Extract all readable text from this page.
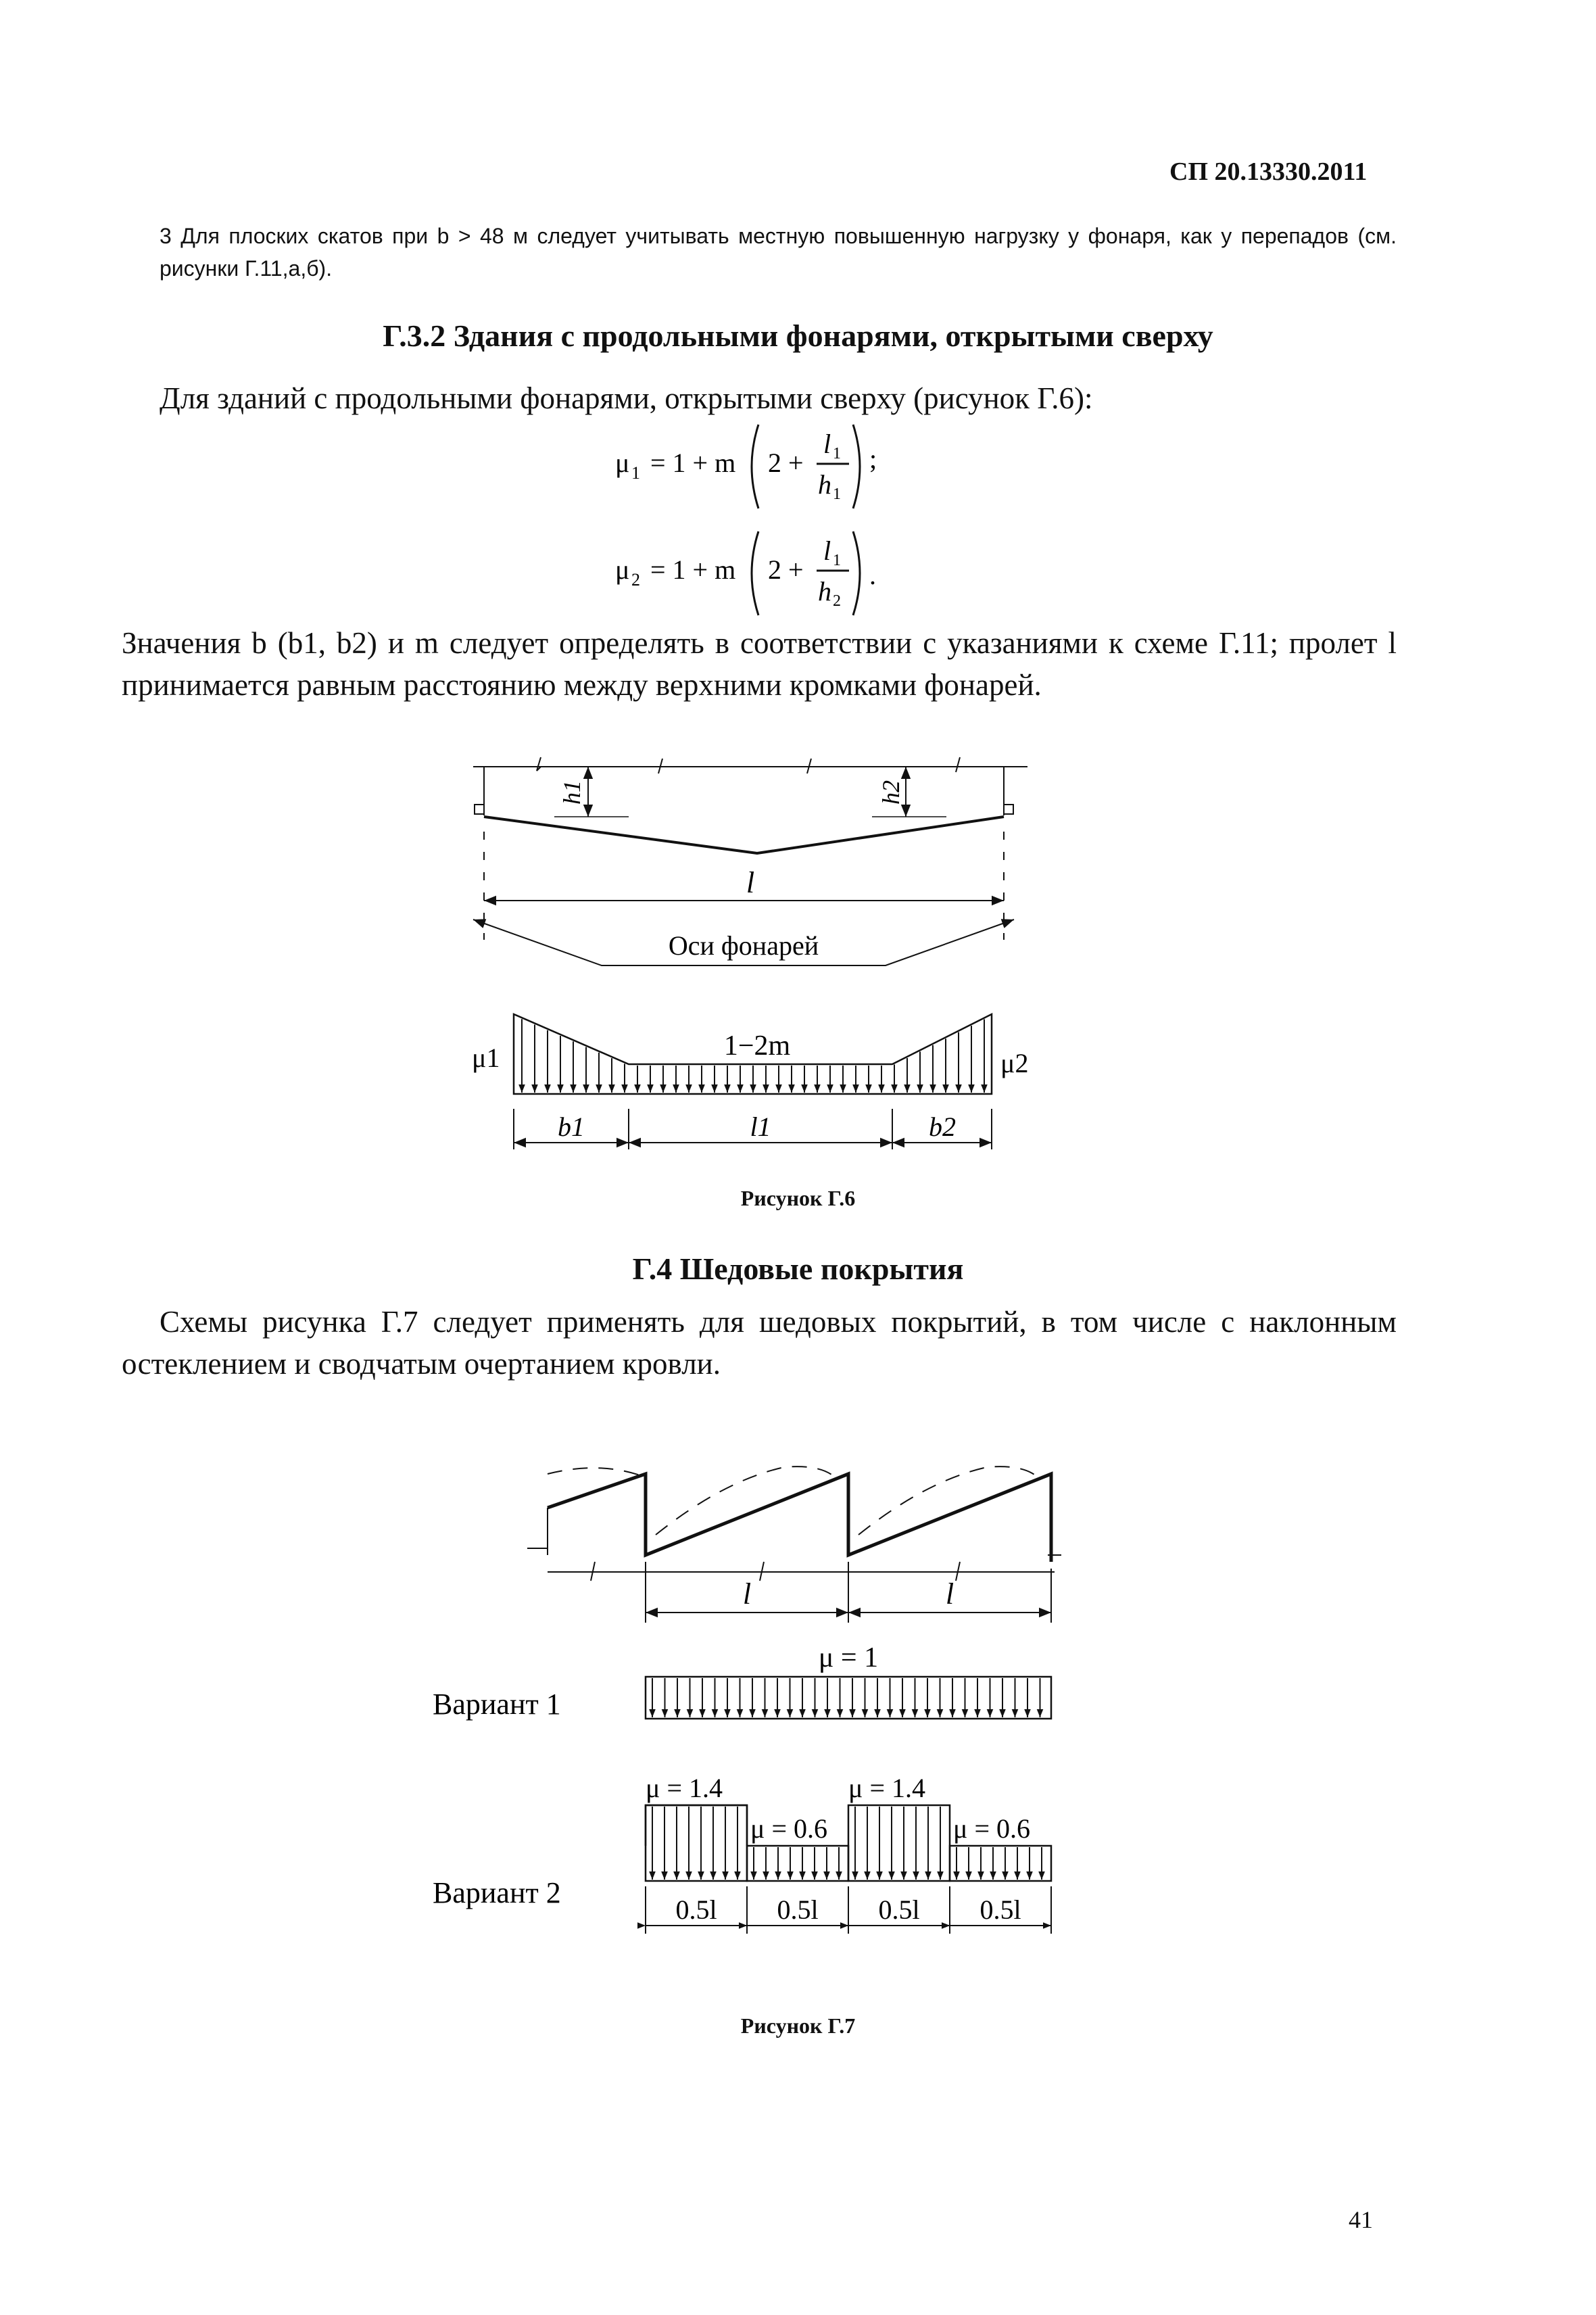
СП 20.13330.2011

3 Для плоских скатов при b > 48 м следует учитывать местную повышенную нагрузку у фонаря, как у перепадов (см. рисунки Г.11,а,б).

Г.3.2 Здания с продольными фонарями, открытыми сверху

Для зданий с продольными фонарями, открытыми сверху (рисунок Г.6):

μ 1 = 1 + m 2 +
l 1
h 1
;
μ 2 = 1 + m 2 +
l 1
h 2
.

Значения b (b1, b2) и m следует определять в соответствии с указаниями к схеме Г.11; пролет l принимается равным расстоянию между верхними кромками фонарей.

h1	h2
l
Оси фонарей
μ1	μ2
1−2m
b1	l1	b2
Рисунок Г.6
Г.4 Шедовые покрытия

Схемы рисунка Г.7 следует применять для шедовых покрытий, в том числе с наклонным остеклением и сводчатым очертанием кровли.

l	l
μ = 1
Вариант 1
μ = 1.4	μ = 1.4
μ = 0.6	μ = 0.6
Вариант 2
0.5l 0.5l 0.5l 0.5l
Рисунок Г.7
41
